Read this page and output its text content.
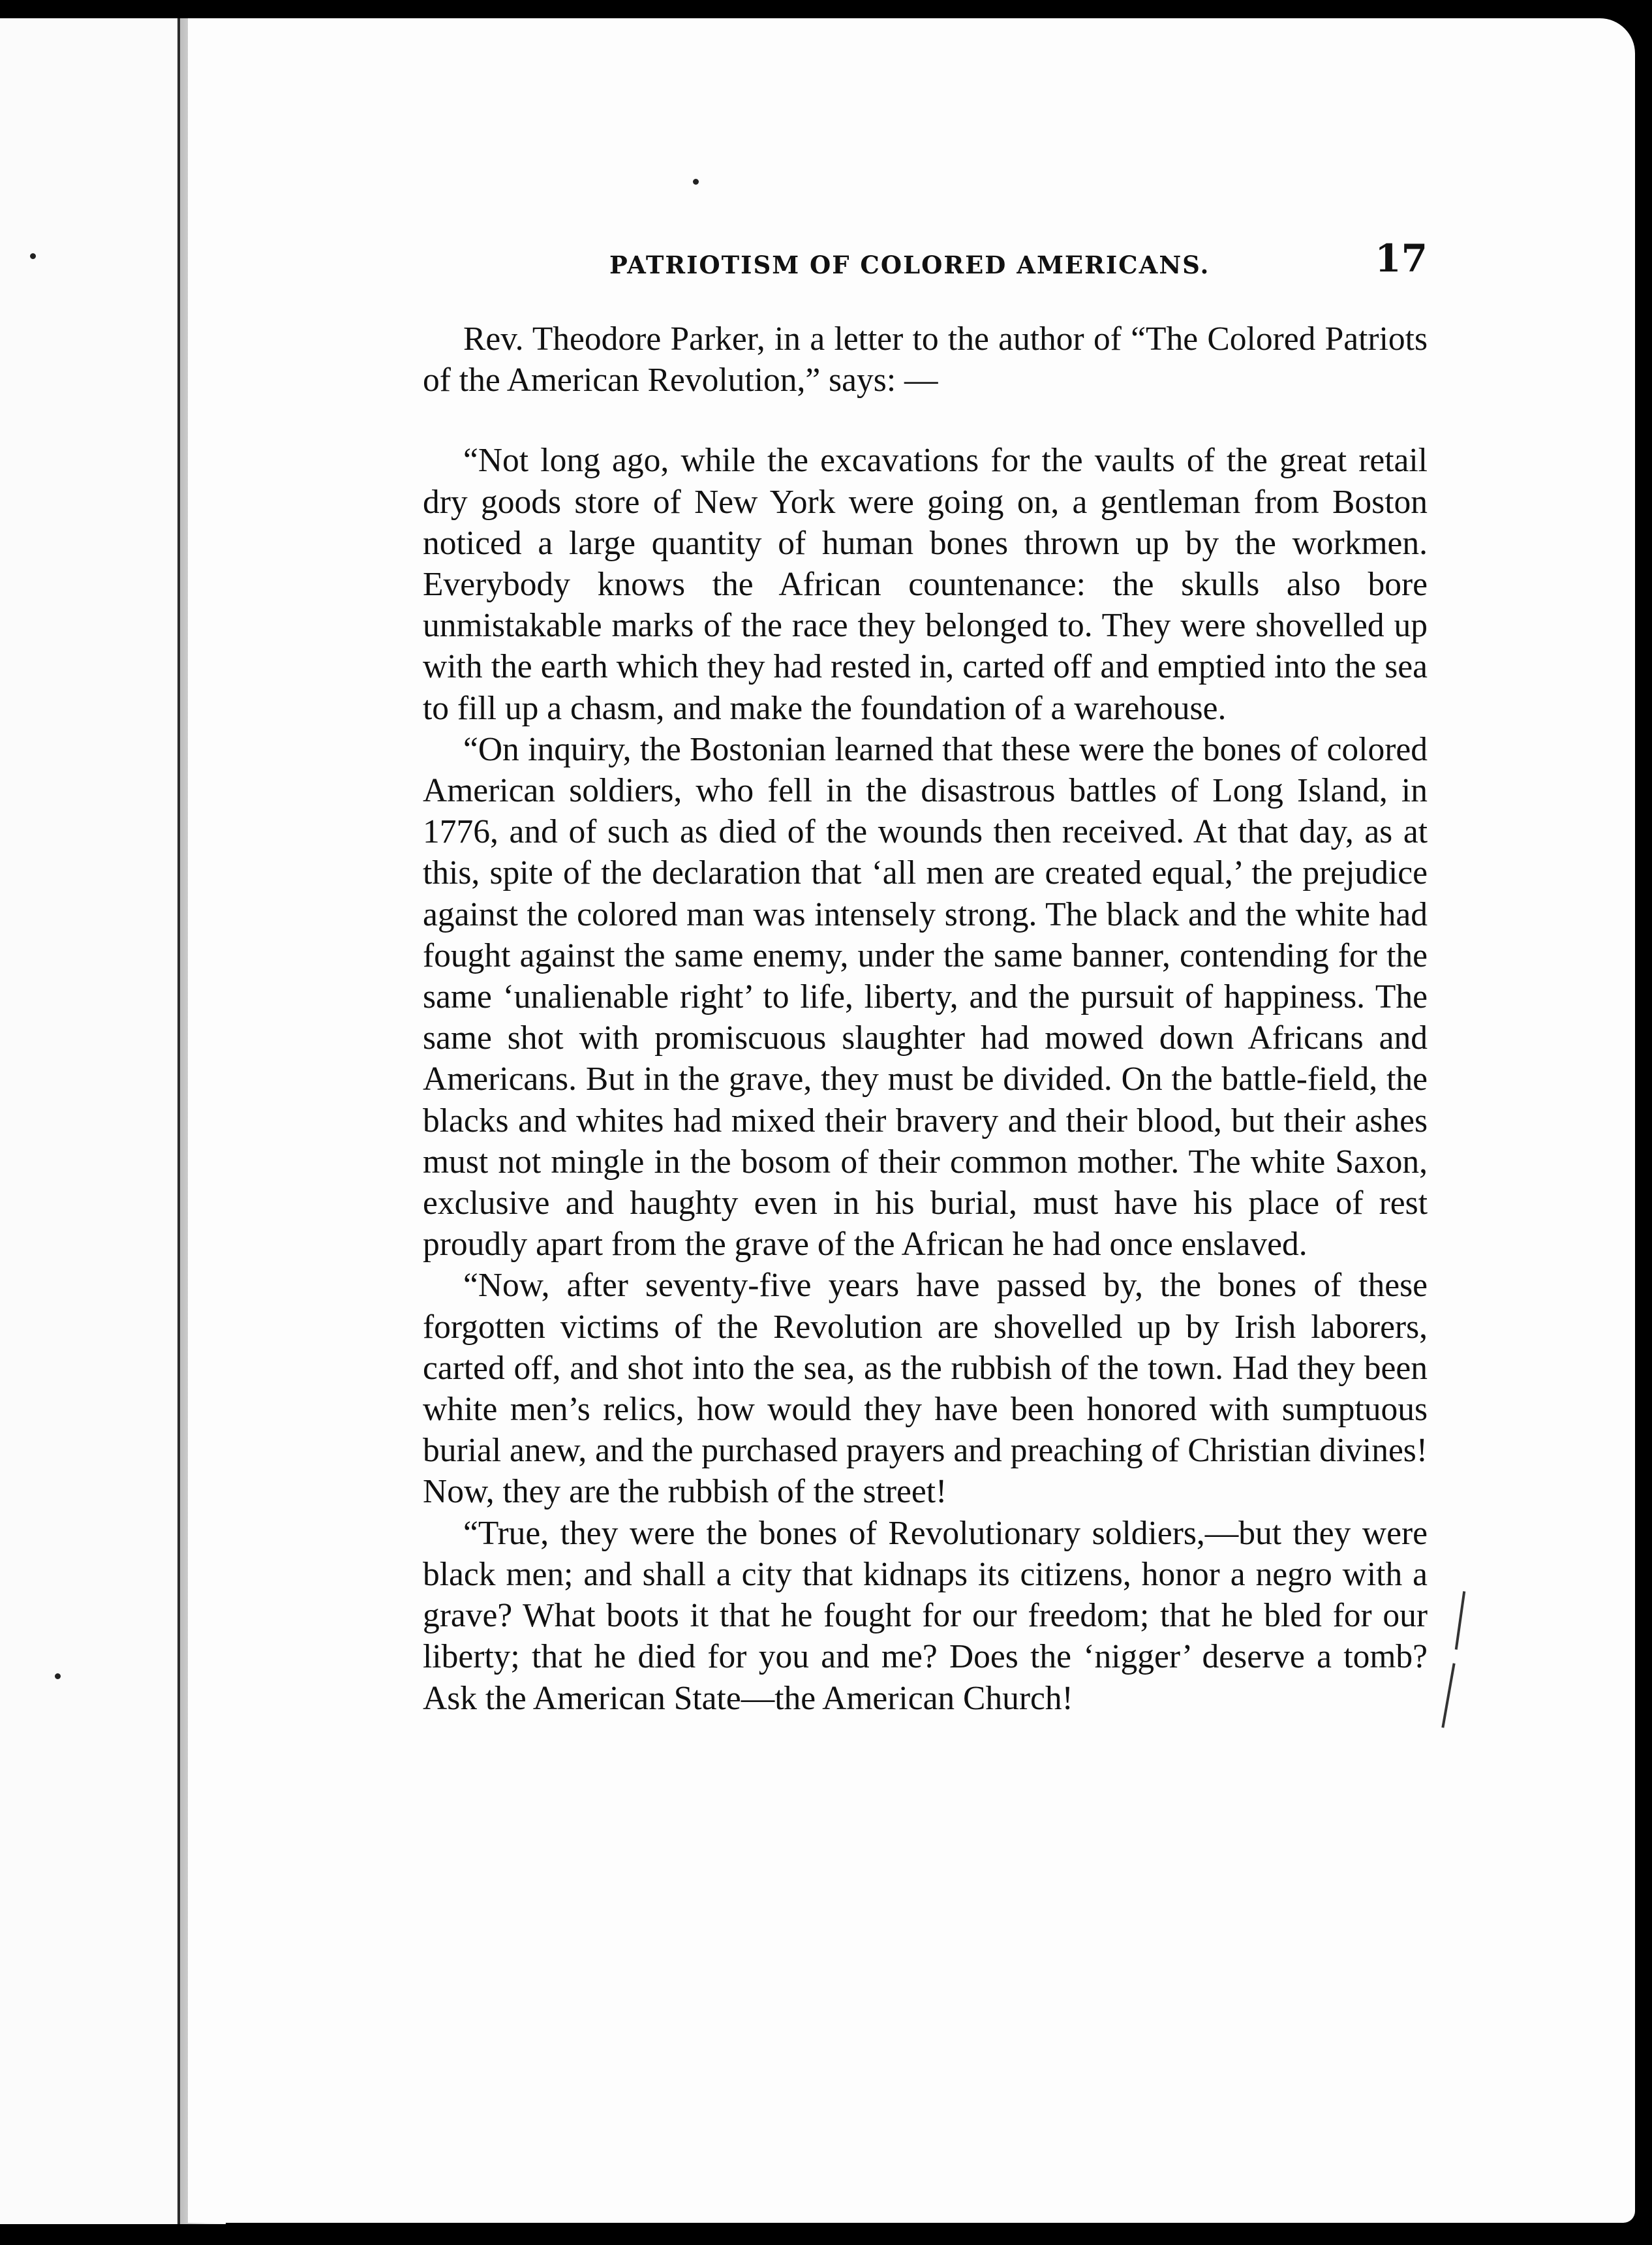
PATRIOTISM OF COLORED AMERICANS.	17

Rev. Theodore Parker, in a letter to the author of “The Colored Patriots of the American Revolution,” says: —

“Not long ago, while the excavations for the vaults of the great retail dry goods store of New York were going on, a gentleman from Boston noticed a large quantity of human bones thrown up by the workmen. Everybody knows the African countenance: the skulls also bore unmistakable marks of the race they belonged to. They were shovelled up with the earth which they had rested in, carted off and emptied into the sea to fill up a chasm, and make the foundation of a warehouse.

“On inquiry, the Bostonian learned that these were the bones of colored American soldiers, who fell in the disastrous battles of Long Island, in 1776, and of such as died of the wounds then received. At that day, as at this, spite of the declaration that ‘all men are created equal,’ the prejudice against the colored man was intensely strong. The black and the white had fought against the same enemy, under the same banner, contending for the same ‘unalienable right’ to life, liberty, and the pursuit of happiness. The same shot with promiscuous slaughter had mowed down Africans and Americans. But in the grave, they must be divided. On the battle-field, the blacks and whites had mixed their bravery and their blood, but their ashes must not mingle in the bosom of their common mother. The white Saxon, exclusive and haughty even in his burial, must have his place of rest proudly apart from the grave of the African he had once enslaved.

“Now, after seventy-five years have passed by, the bones of these forgotten victims of the Revolution are shovelled up by Irish laborers, carted off, and shot into the sea, as the rubbish of the town. Had they been white men’s relics, how would they have been honored with sumptuous burial anew, and the purchased prayers and preaching of Christian divines! Now, they are the rubbish of the street!

“True, they were the bones of Revolutionary soldiers,—but they were black men; and shall a city that kidnaps its citizens, honor a negro with a grave? What boots it that he fought for our freedom; that he bled for our liberty; that he died for you and me? Does the ‘nigger’ deserve a tomb? Ask the American State—the American Church!
